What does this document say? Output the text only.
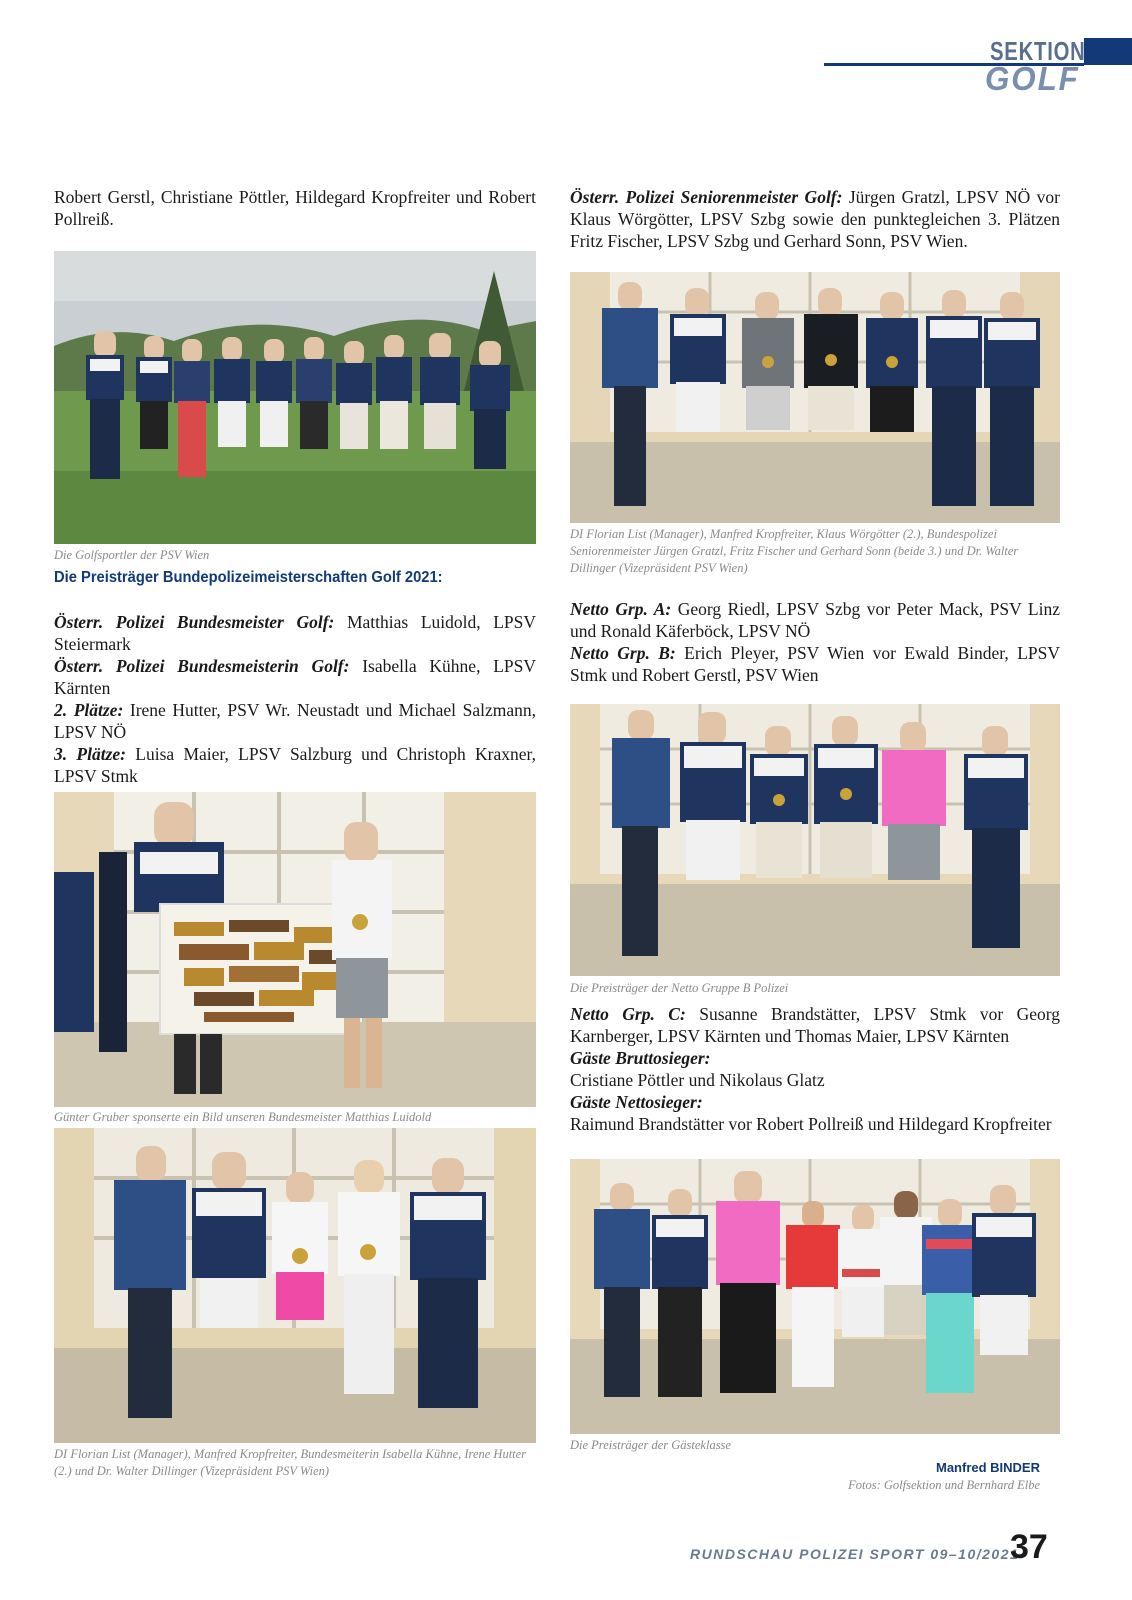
SEKTION
GOLF

Robert Gerstl, Christiane Pöttler, Hildegard Kropfreiter und Robert Pollreiß.

Die Golfsportler der PSV Wien
Die Preisträger Bundepolizeimeisterschaften Golf 2021:

Österr. Polizei Bundesmeister Golf: Matthias Luidold, LPSV Steiermark

Österr. Polizei Bundesmeisterin Golf: Isabella Kühne, LPSV Kärnten

2. Plätze: Irene Hutter, PSV Wr. Neustadt und Michael Salzmann, LPSV NÖ

3. Plätze: Luisa Maier, LPSV Salzburg und Christoph Kraxner, LPSV Stmk

Günter Gruber sponserte ein Bild unseren Bundesmeister Matthias Luidold
DI Florian List (Manager), Manfred Kropfreiter, Bundesmeiterin Isabella Kühne, Irene Hutter (2.) und Dr. Walter Dillinger (Vizepräsident PSV Wien)

Österr. Polizei Seniorenmeister Golf: Jürgen Gratzl, LPSV NÖ vor Klaus Wörgötter, LPSV Szbg sowie den punktegleichen 3. Plätzen Fritz Fischer, LPSV Szbg und Gerhard Sonn, PSV Wien.

DI Florian List (Manager), Manfred Kropfreiter, Klaus Wörgötter (2.), Bundespolizei Seniorenmeister Jürgen Gratzl, Fritz Fischer und Gerhard Sonn (beide 3.) und Dr. Walter Dillinger (Vizepräsident PSV Wien)

Netto Grp. A: Georg Riedl, LPSV Szbg vor Peter Mack, PSV Linz und Ronald Käferböck, LPSV NÖ

Netto Grp. B: Erich Pleyer, PSV Wien vor Ewald Binder, LPSV Stmk und Robert Gerstl, PSV Wien

Die Preisträger der Netto Gruppe B Polizei

Netto Grp. C: Susanne Brandstätter, LPSV Stmk vor Georg Karnberger, LPSV Kärnten und Thomas Maier, LPSV Kärnten

Gäste Bruttosieger:

Cristiane Pöttler und Nikolaus Glatz

Gäste Nettosieger:

Raimund Brandstätter vor Robert Pollreiß und Hildegard Kropfreiter

Die Preisträger der Gästeklasse
Manfred BINDER
Fotos: Golfsektion und Bernhard Elbe
RUNDSCHAU POLIZEI SPORT 09–10/2021
37
